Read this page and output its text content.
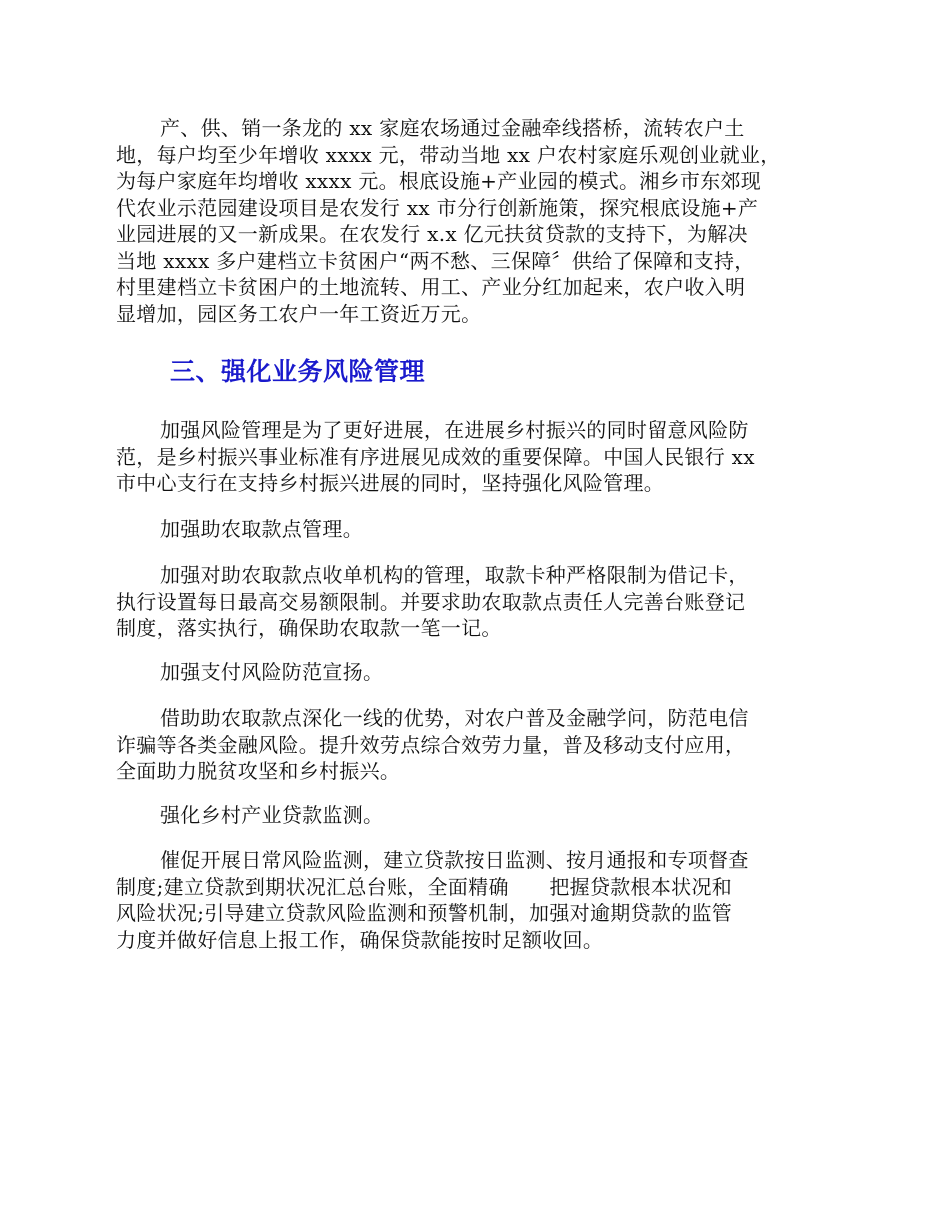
产、供、销一条龙的 xx 家庭农场通过金融牵线搭桥，流转农户土
地，每户均至少年增收 xxxx 元，带动当地 xx 户农村家庭乐观创业就业，
为每户家庭年均增收 xxxx 元。根底设施+产业园的模式。湘乡市东郊现
代农业示范园建设项目是农发行 xx 市分行创新施策，探究根底设施+产
业园进展的又一新成果。在农发行 x.x 亿元扶贫贷款的支持下，为解决
当地 xxxx 多户建档立卡贫困户“两不愁、三保障〞供给了保障和支持，
村里建档立卡贫困户的土地流转、用工、产业分红加起来，农户收入明
显增加，园区务工农户一年工资近万元。

三、强化业务风险管理

加强风险管理是为了更好进展，在进展乡村振兴的同时留意风险防
范，是乡村振兴事业标准有序进展见成效的重要保障。中国人民银行 xx
市中心支行在支持乡村振兴进展的同时，坚持强化风险管理。

加强助农取款点管理。

加强对助农取款点收单机构的管理，取款卡种严格限制为借记卡，
执行设置每日最高交易额限制。并要求助农取款点责任人完善台账登记
制度，落实执行，确保助农取款一笔一记。

加强支付风险防范宣扬。

借助助农取款点深化一线的优势，对农户普及金融学问，防范电信
诈骗等各类金融风险。提升效劳点综合效劳力量，普及移动支付应用，
全面助力脱贫攻坚和乡村振兴。

强化乡村产业贷款监测。

催促开展日常风险监测，建立贷款按日监测、按月通报和专项督查
制度;建立贷款到期状况汇总台账，全面精确　　把握贷款根本状况和
风险状况;引导建立贷款风险监测和预警机制，加强对逾期贷款的监管
力度并做好信息上报工作，确保贷款能按时足额收回。
